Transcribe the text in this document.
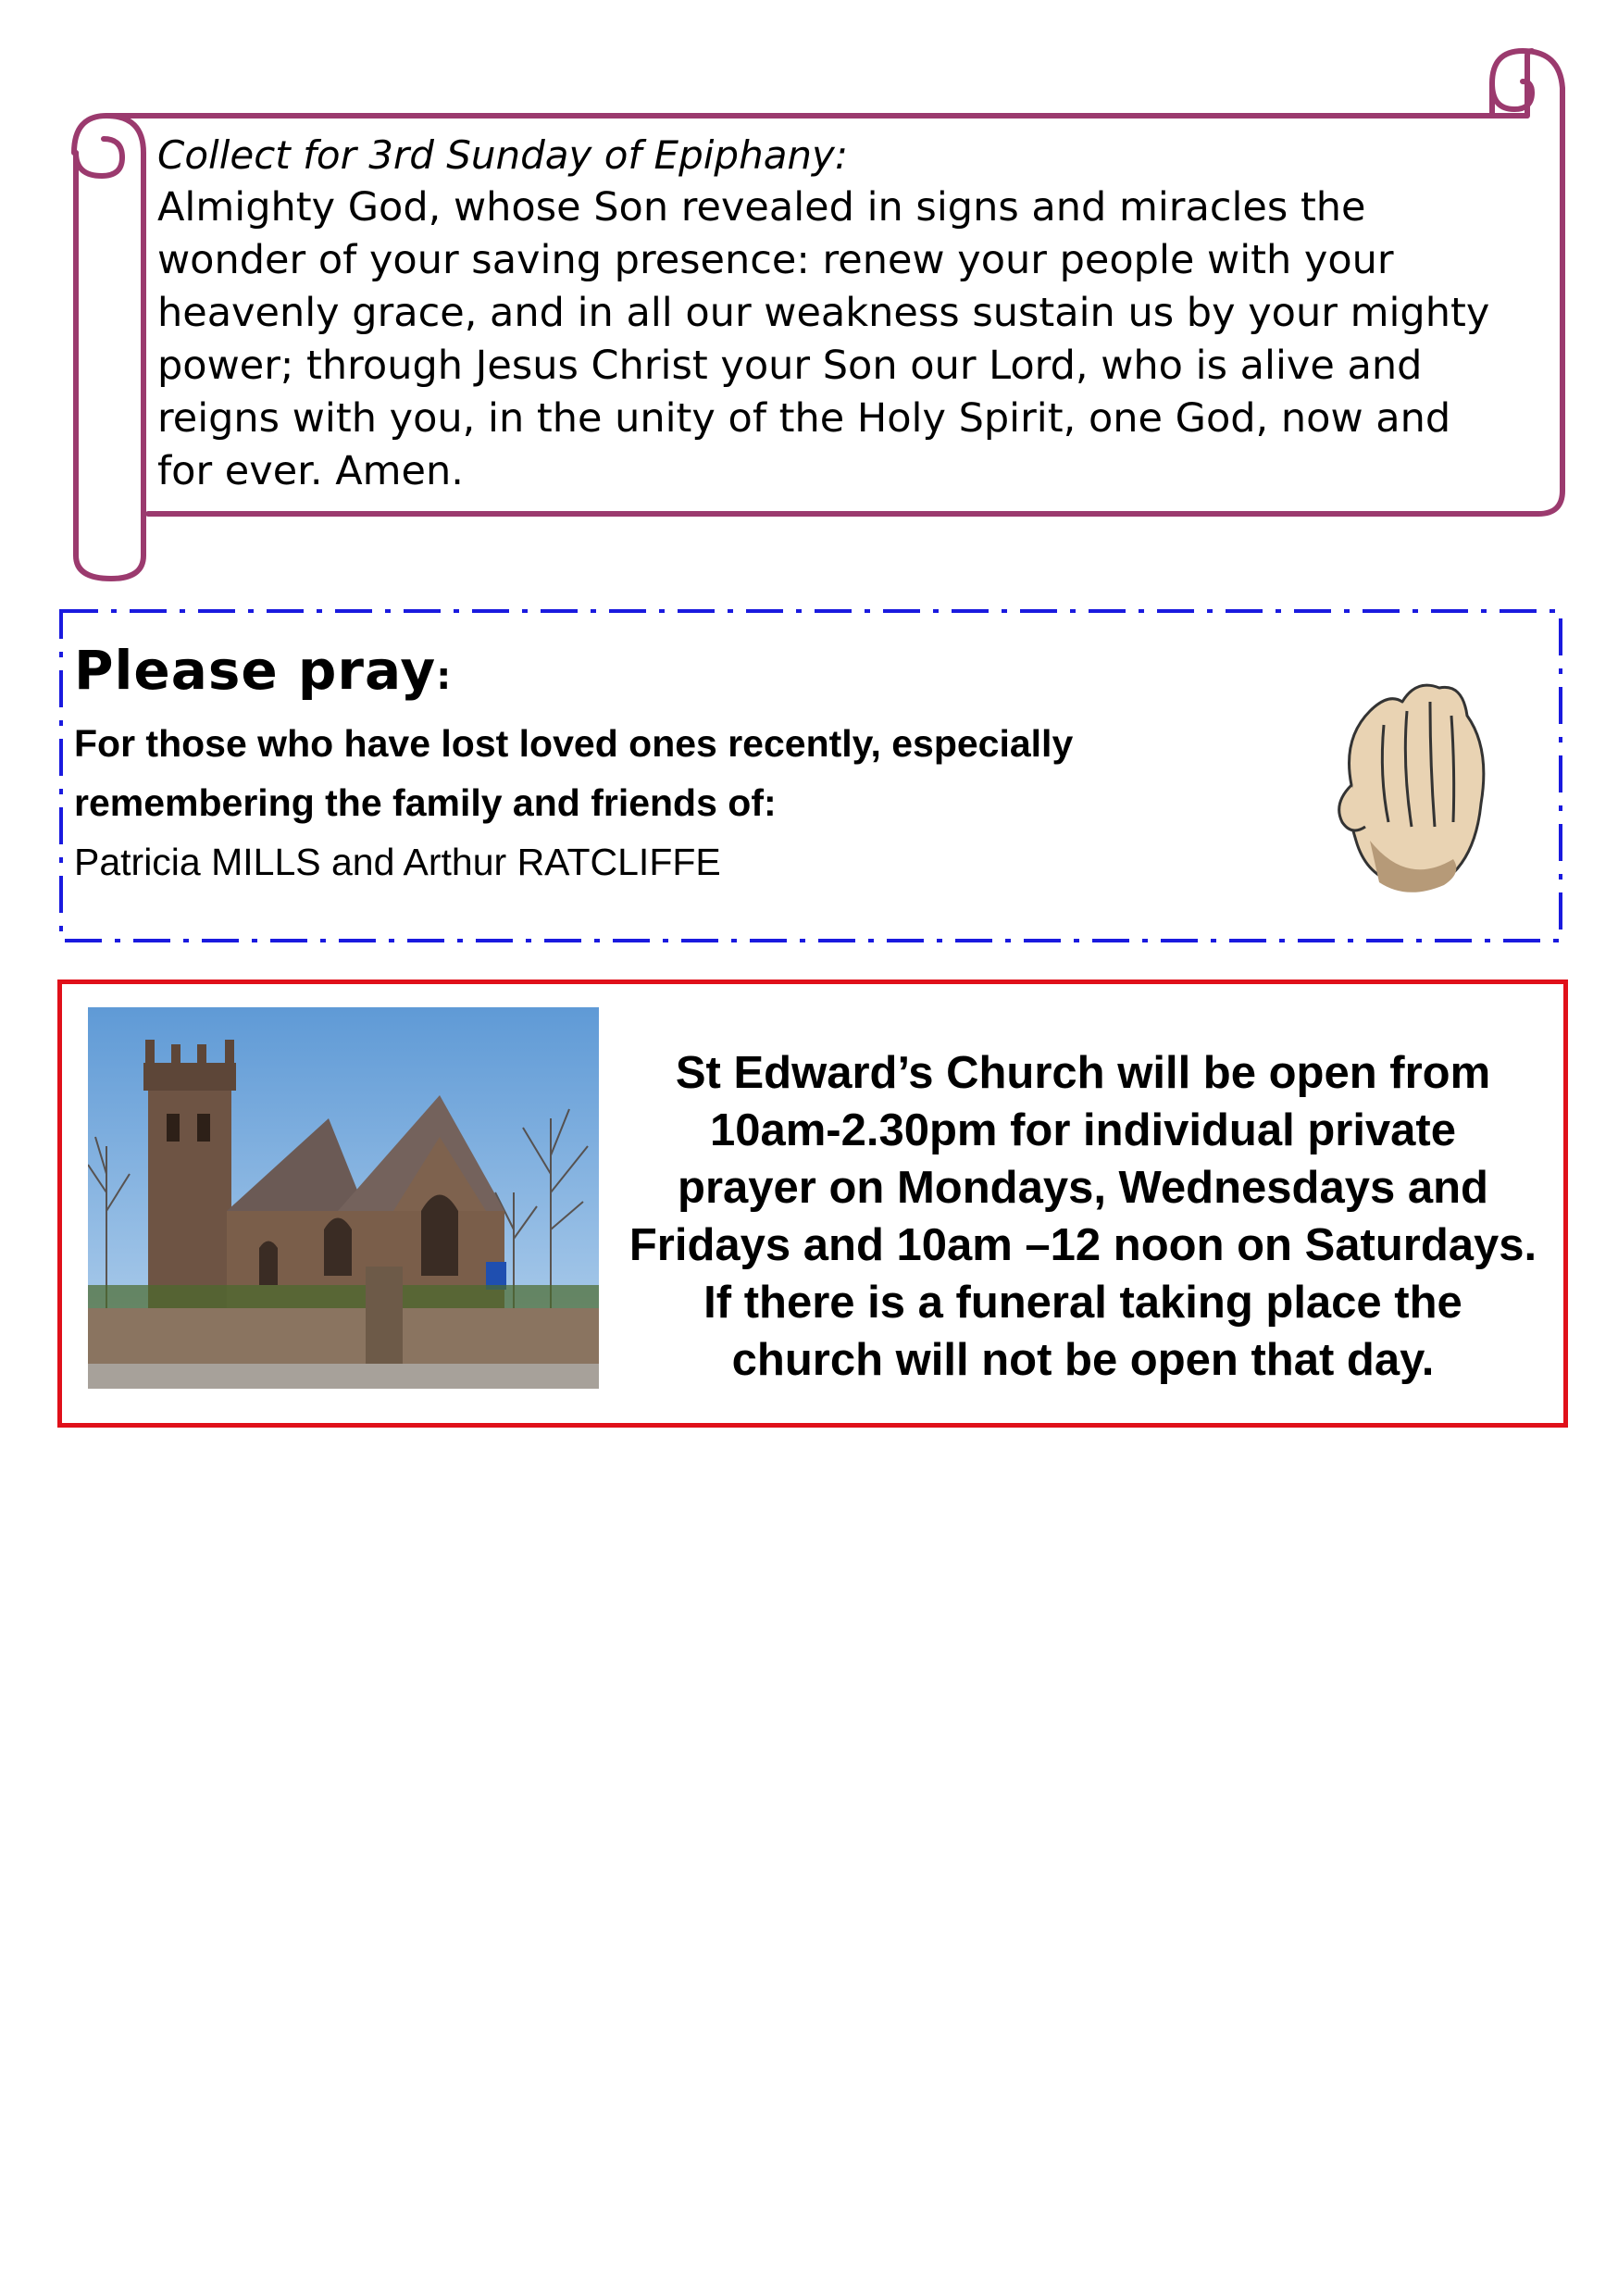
Collect for 3rd Sunday of Epiphany:

Almighty God, whose Son revealed in signs and miracles the

wonder of your saving presence: renew your people with your

heavenly grace, and in all our weakness sustain us by your mighty

power; through Jesus Christ your Son our Lord, who is alive and

reigns with you, in the unity of the Holy Spirit, one God, now and

for ever. Amen.

Please pray:
For those who have lost loved ones recently, especially
remembering the family and friends of:
Patricia MILLS and Arthur RATCLIFFE
St Edward’s Church will be open from
10am-2.30pm for individual private
prayer on Mondays, Wednesdays and
Fridays and 10am –12 noon on Saturdays.
If there is a funeral taking place the
church will not be open that day.
